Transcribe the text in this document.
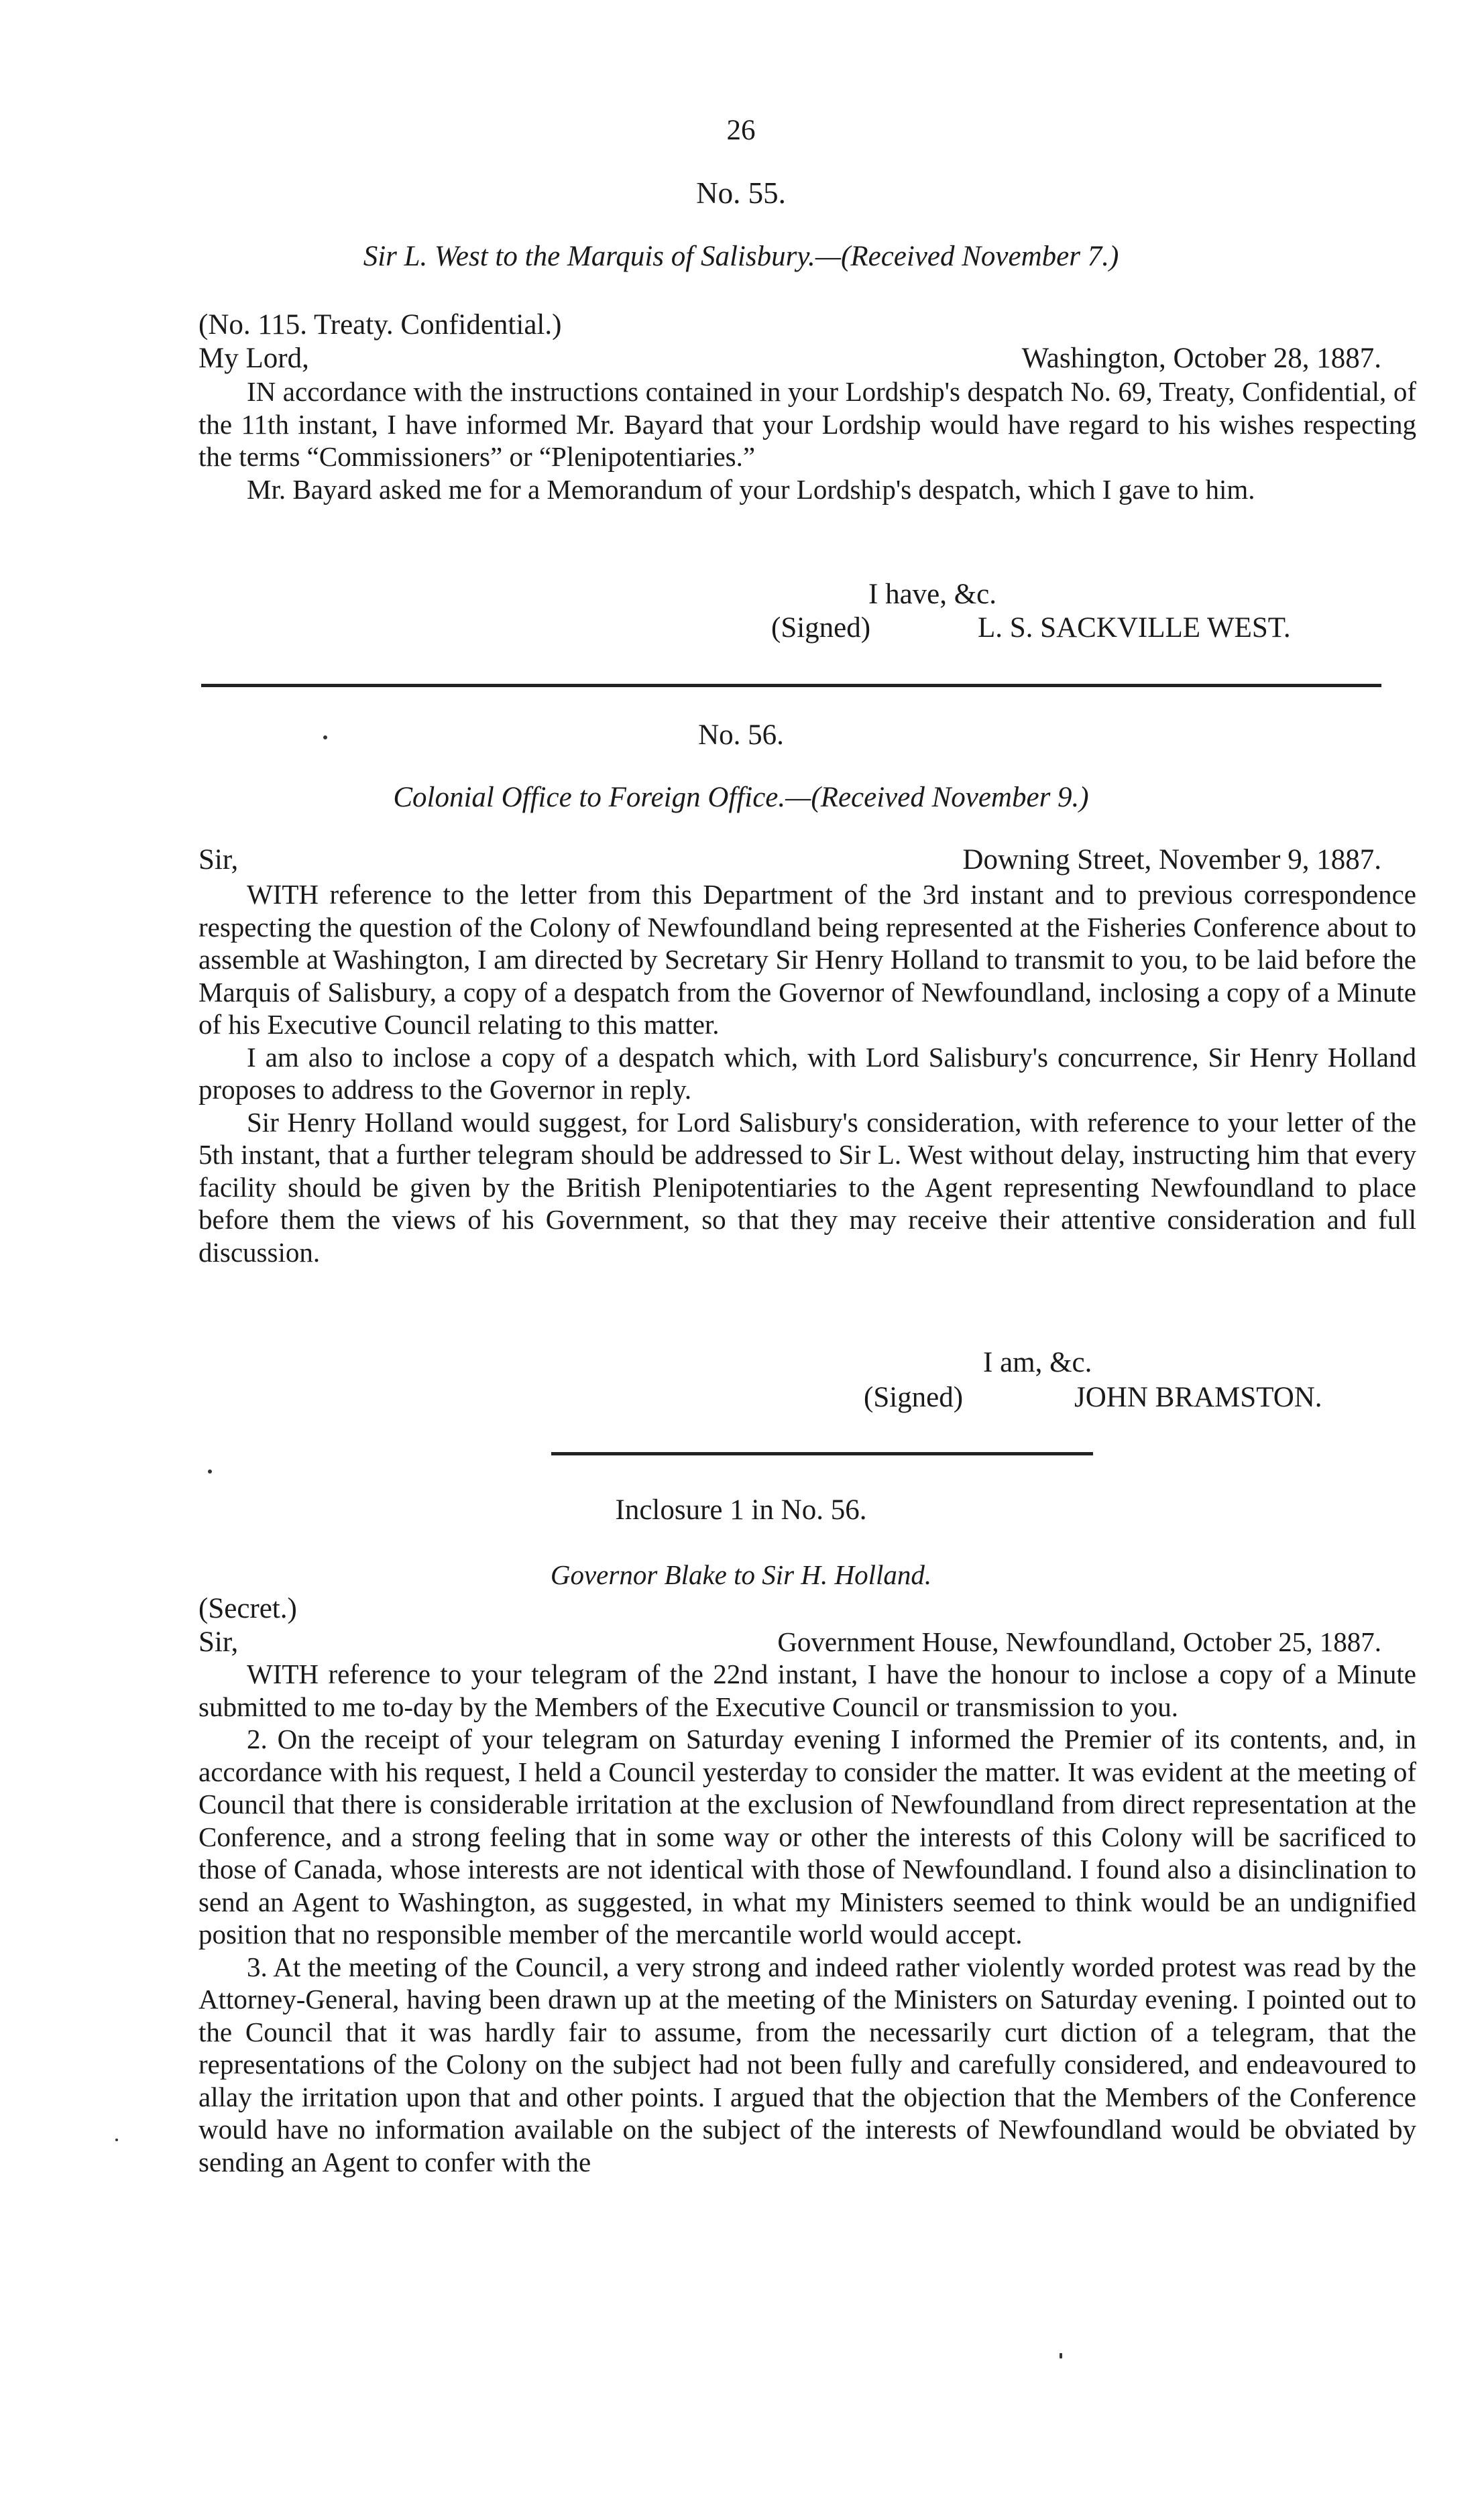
26
No. 55.
Sir L. West to the Marquis of Salisbury.—(Received November 7.)
(No. 115. Treaty. Confidential.)
My Lord,	Washington, October 28, 1887.

IN accordance with the instructions contained in your Lordship's despatch No. 69, Treaty, Confidential, of the 11th instant, I have informed Mr. Bayard that your Lordship would have regard to his wishes respecting the terms “Commissioners” or “Plenipotentiaries.”

Mr. Bayard asked me for a Memorandum of your Lordship's despatch, which I gave to him.

I have, &c.
(Signed)	L. S. SACKVILLE WEST.
No. 56.
Colonial Office to Foreign Office.—(Received November 9.)
Sir,	Downing Street, November 9, 1887.

WITH reference to the letter from this Department of the 3rd instant and to previous correspondence respecting the question of the Colony of Newfoundland being represented at the Fisheries Conference about to assemble at Washington, I am directed by Secretary Sir Henry Holland to transmit to you, to be laid before the Marquis of Salisbury, a copy of a despatch from the Governor of Newfoundland, inclosing a copy of a Minute of his Executive Council relating to this matter.

I am also to inclose a copy of a despatch which, with Lord Salisbury's concurrence, Sir Henry Holland proposes to address to the Governor in reply.

Sir Henry Holland would suggest, for Lord Salisbury's consideration, with reference to your letter of the 5th instant, that a further telegram should be addressed to Sir L. West without delay, instructing him that every facility should be given by the British Plenipotentiaries to the Agent representing Newfoundland to place before them the views of his Government, so that they may receive their attentive consideration and full discussion.

I am, &c.
(Signed)	JOHN BRAMSTON.
Inclosure 1 in No. 56.
Governor Blake to Sir H. Holland.
(Secret.)
Sir,	Government House, Newfoundland, October 25, 1887.

WITH reference to your telegram of the 22nd instant, I have the honour to inclose a copy of a Minute submitted to me to-day by the Members of the Executive Council or transmission to you.

2. On the receipt of your telegram on Saturday evening I informed the Premier of its contents, and, in accordance with his request, I held a Council yesterday to consider the matter. It was evident at the meeting of Council that there is considerable irritation at the exclusion of Newfoundland from direct representation at the Conference, and a strong feeling that in some way or other the interests of this Colony will be sacrificed to those of Canada, whose interests are not identical with those of Newfoundland. I found also a disinclination to send an Agent to Washington, as suggested, in what my Ministers seemed to think would be an undignified position that no responsible member of the mercantile world would accept.

3. At the meeting of the Council, a very strong and indeed rather violently worded protest was read by the Attorney-General, having been drawn up at the meeting of the Ministers on Saturday evening. I pointed out to the Council that it was hardly fair to assume, from the necessarily curt diction of a telegram, that the representations of the Colony on the subject had not been fully and carefully considered, and endeavoured to allay the irritation upon that and other points. I argued that the objection that the Members of the Conference would have no information available on the subject of the interests of Newfoundland would be obviated by sending an Agent to confer with the
